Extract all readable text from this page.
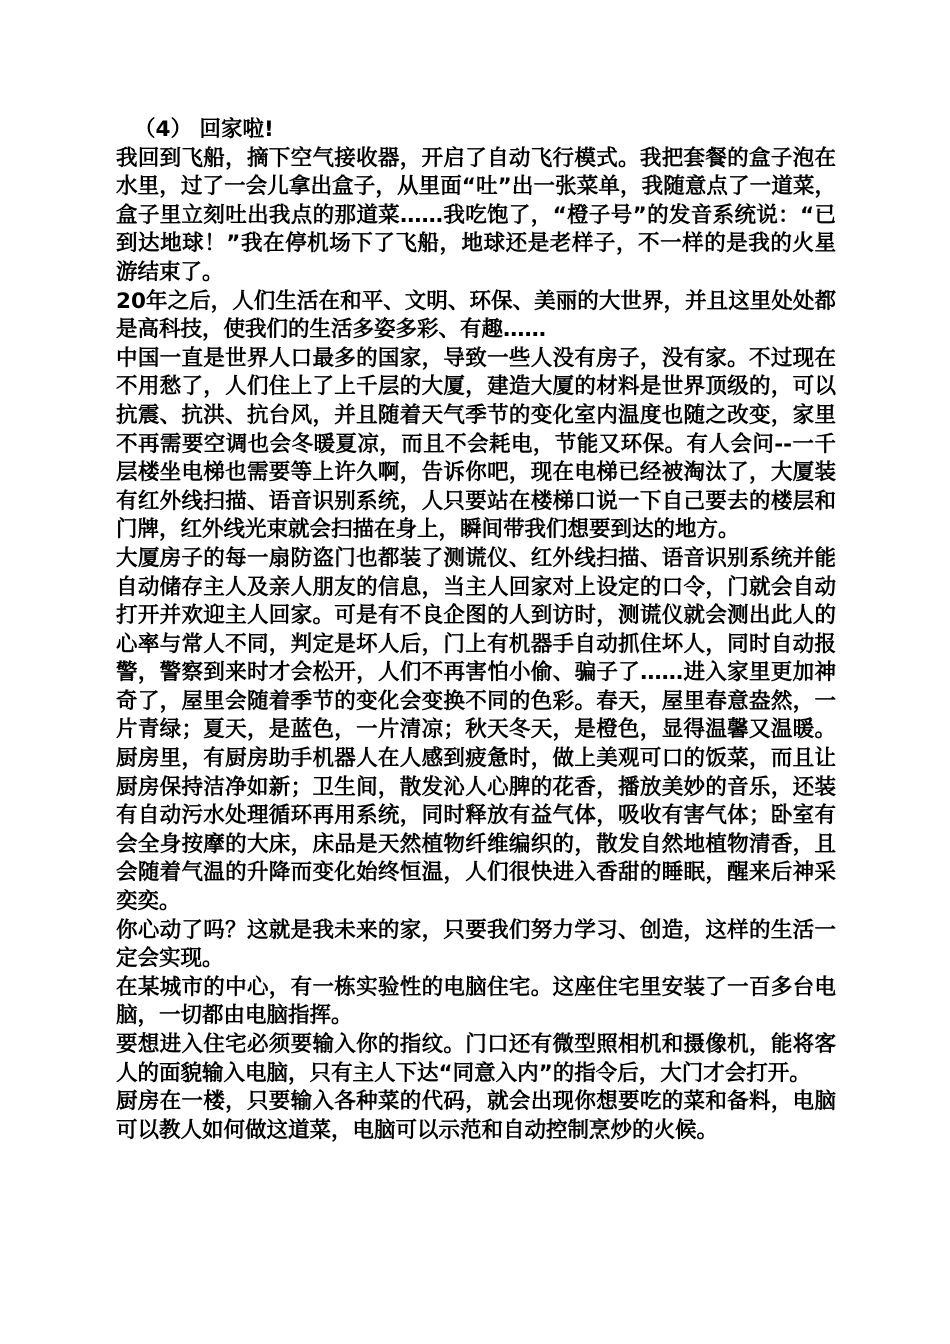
（4） 回家啦!

我回到飞船，摘下空气接收器，开启了自动飞行模式。我把套餐的盒子泡在水里，过了一会儿拿出盒子，从里面“吐”出一张菜单，我随意点了一道菜，盒子里立刻吐出我点的那道菜……我吃饱了，“橙子号”的发音系统说：“已到达地球！”我在停机场下了飞船，地球还是老样子，不一样的是我的火星游结束了。

20年之后，人们生活在和平、文明、环保、美丽的大世界，并且这里处处都是高科技，使我们的生活多姿多彩、有趣……

中国一直是世界人口最多的国家，导致一些人没有房子，没有家。不过现在不用愁了，人们住上了上千层的大厦，建造大厦的材料是世界顶级的，可以抗震、抗洪、抗台风，并且随着天气季节的变化室内温度也随之改变，家里不再需要空调也会冬暖夏凉，而且不会耗电，节能又环保。有人会问--一千层楼坐电梯也需要等上许久啊，告诉你吧，现在电梯已经被淘汰了，大厦装有红外线扫描、语音识别系统，人只要站在楼梯口说一下自己要去的楼层和门牌，红外线光束就会扫描在身上，瞬间带我们想要到达的地方。

大厦房子的每一扇防盗门也都装了测谎仪、红外线扫描、语音识别系统并能自动储存主人及亲人朋友的信息，当主人回家对上设定的口令，门就会自动打开并欢迎主人回家。可是有不良企图的人到访时，测谎仪就会测出此人的心率与常人不同，判定是坏人后，门上有机器手自动抓住坏人，同时自动报警，警察到来时才会松开，人们不再害怕小偷、骗子了……进入家里更加神奇了，屋里会随着季节的变化会变换不同的色彩。春天，屋里春意盎然，一片青绿；夏天，是蓝色，一片清凉；秋天冬天，是橙色，显得温馨又温暖。厨房里，有厨房助手机器人在人感到疲惫时，做上美观可口的饭菜，而且让厨房保持洁净如新；卫生间，散发沁人心脾的花香，播放美妙的音乐，还装有自动污水处理循环再用系统，同时释放有益气体，吸收有害气体；卧室有会全身按摩的大床，床品是天然植物纤维编织的，散发自然地植物清香，且会随着气温的升降而变化始终恒温，人们很快进入香甜的睡眠，醒来后神采奕奕。

你心动了吗？这就是我未来的家，只要我们努力学习、创造，这样的生活一定会实现。

在某城市的中心，有一栋实验性的电脑住宅。这座住宅里安装了一百多台电脑，一切都由电脑指挥。

要想进入住宅必须要输入你的指纹。门口还有微型照相机和摄像机，能将客人的面貌输入电脑，只有主人下达“同意入内”的指令后，大门才会打开。

厨房在一楼，只要输入各种菜的代码，就会出现你想要吃的菜和备料，电脑可以教人如何做这道菜，电脑可以示范和自动控制烹炒的火候。
